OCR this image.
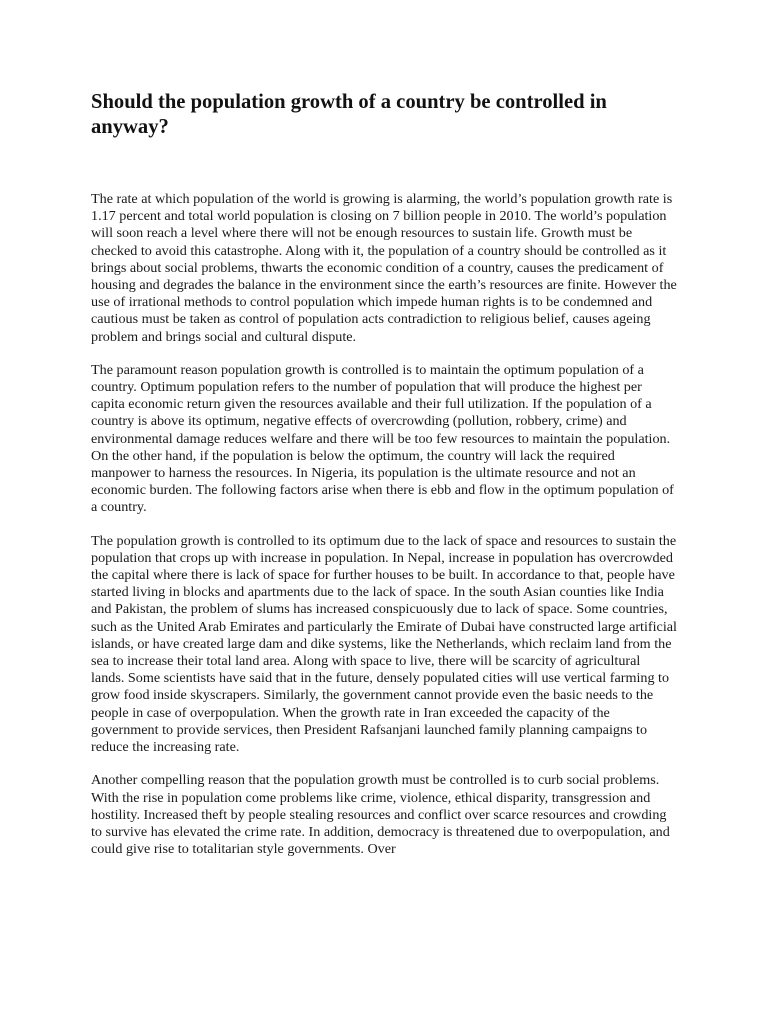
Should the population growth of a country be controlled in anyway?

The rate at which population of the world is growing is alarming, the world’s population growth rate is 1.17 percent and total world population is closing on 7 billion people in 2010. The world’s population will soon reach a level where there will not be enough resources to sustain life. Growth must be checked to avoid this catastrophe. Along with it, the population of a country should be controlled as it brings about social problems, thwarts the economic condition of a country, causes the predicament of housing and degrades the balance in the environment since the earth’s resources are finite. However the use of irrational methods to control population which impede human rights is to be condemned and cautious must be taken as control of population acts contradiction to religious belief, causes ageing problem and brings social and cultural dispute.

The paramount reason population growth is controlled is to maintain the optimum population of a country. Optimum population refers to the number of population that will produce the highest per capita economic return given the resources available and their full utilization. If the population of a country is above its optimum, negative effects of overcrowding (pollution, robbery, crime) and environmental damage reduces welfare and there will be too few resources to maintain the population. On the other hand, if the population is below the optimum, the country will lack the required manpower to harness the resources. In Nigeria, its population is the ultimate resource and not an economic burden. The following factors arise when there is ebb and flow in the optimum population of a country.

The population growth is controlled to its optimum due to the lack of space and resources to sustain the population that crops up with increase in population. In Nepal, increase in population has overcrowded the capital where there is lack of space for further houses to be built. In accordance to that, people have started living in blocks and apartments due to the lack of space. In the south Asian counties like India and Pakistan, the problem of slums has increased conspicuously due to lack of space. Some countries, such as the United Arab Emirates and particularly the Emirate of Dubai have constructed large artificial islands, or have created large dam and dike systems, like the Netherlands, which reclaim land from the sea to increase their total land area. Along with space to live, there will be scarcity of agricultural lands. Some scientists have said that in the future, densely populated cities will use vertical farming to grow food inside skyscrapers. Similarly, the government cannot provide even the basic needs to the people in case of overpopulation. When the growth rate in Iran exceeded the capacity of the government to provide services, then President Rafsanjani launched family planning campaigns to reduce the increasing rate.

Another compelling reason that the population growth must be controlled is to curb social problems. With the rise in population come problems like crime, violence, ethical disparity, transgression and hostility. Increased theft by people stealing resources and conflict over scarce resources and crowding to survive has elevated the crime rate. In addition, democracy is threatened due to overpopulation, and could give rise to totalitarian style governments. Over
